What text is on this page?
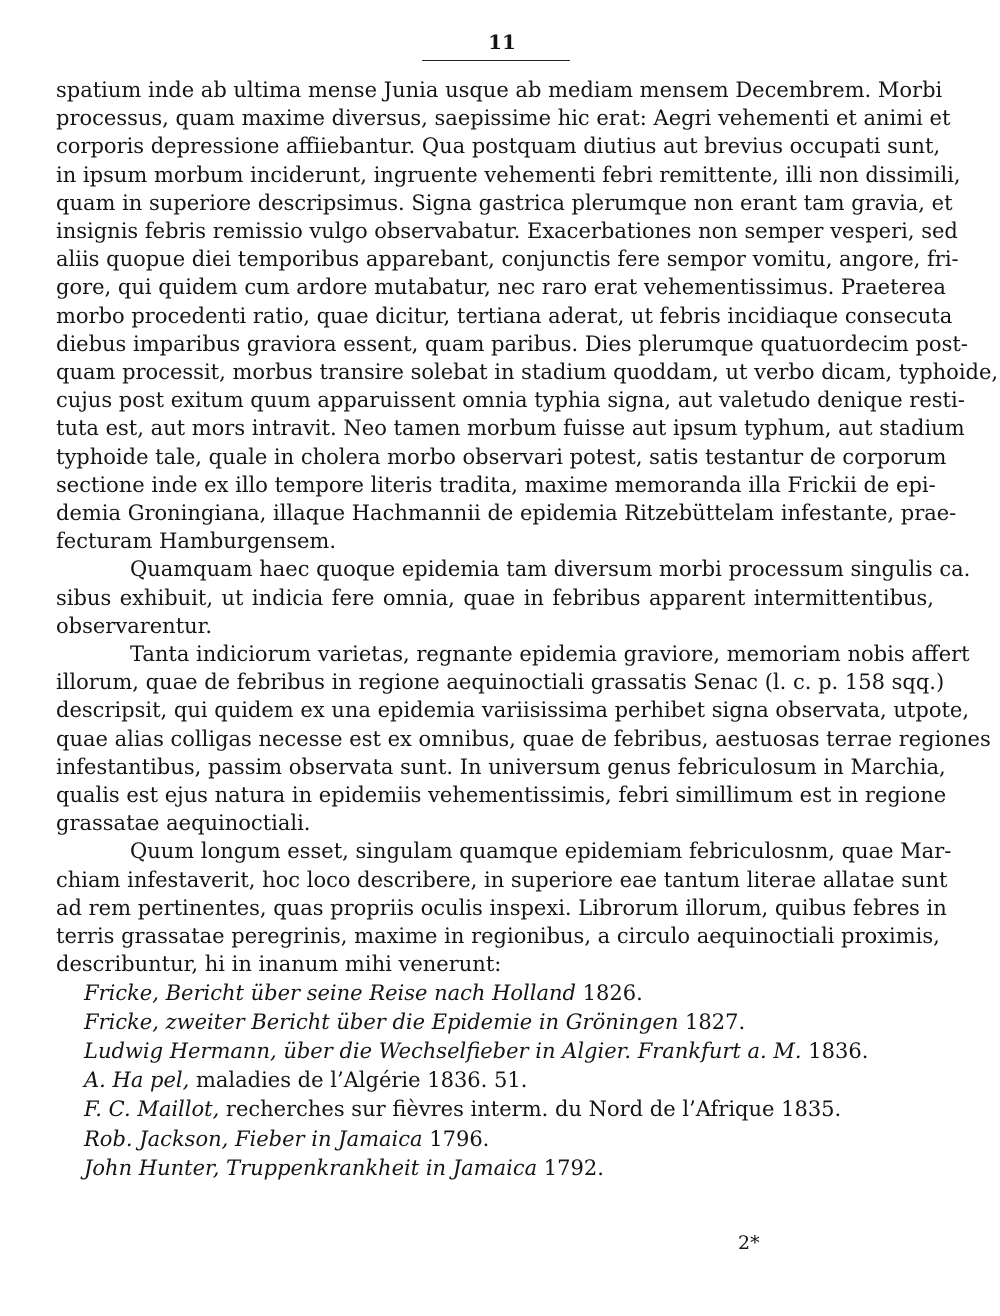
11

spatium inde ab ultima mense Junia usque ab mediam mensem Decembrem. Morbi
processus, quam maxime diversus, saepissime hic erat: Aegri vehementi et animi et
corporis depressione affiiebantur. Qua postquam diutius aut brevius occupati sunt,
in ipsum morbum inciderunt, ingruente vehementi febri remittente, illi non dissimili,
quam in superiore descripsimus. Signa gastrica plerumque non erant tam gravia, et
insignis febris remissio vulgo observabatur. Exacerbationes non semper vesperi, sed
aliis quopue diei temporibus apparebant, conjunctis fere sempor vomitu, angore, fri-
gore, qui quidem cum ardore mutabatur, nec raro erat vehementissimus. Praeterea
morbo procedenti ratio, quae dicitur, tertiana aderat, ut febris incidiaque consecuta
diebus imparibus graviora essent, quam paribus. Dies plerumque quatuordecim post-
quam processit, morbus transire solebat in stadium quoddam, ut verbo dicam, typhoide,
cujus post exitum quum apparuissent omnia typhia signa, aut valetudo denique resti-
tuta est, aut mors intravit. Neo tamen morbum fuisse aut ipsum typhum, aut stadium
typhoide tale, quale in cholera morbo observari potest, satis testantur de corporum
sectione inde ex illo tempore literis tradita, maxime memoranda illa Frickii de epi-
demia Groningiana, illaque Hachmannii de epidemia Ritzebüttelam infestante, prae-
fecturam Hamburgensem.

Quamquam haec quoque epidemia tam diversum morbi processum singulis ca.
sibus exhibuit, ut indicia fere omnia, quae in febribus apparent intermittentibus,
observarentur.

Tanta indiciorum varietas, regnante epidemia graviore, memoriam nobis affert
illorum, quae de febribus in regione aequinoctiali grassatis Senac (l. c. p. 158 sqq.)
descripsit, qui quidem ex una epidemia variisissima perhibet signa observata, utpote,
quae alias colligas necesse est ex omnibus, quae de febribus, aestuosas terrae regiones
infestantibus, passim observata sunt. In universum genus febriculosum in Marchia,
qualis est ejus natura in epidemiis vehementissimis, febri simillimum est in regione
grassatae aequinoctiali.

Quum longum esset, singulam quamque epidemiam febriculosnm, quae Mar-
chiam infestaverit, hoc loco describere, in superiore eae tantum literae allatae sunt
ad rem pertinentes, quas propriis oculis inspexi. Librorum illorum, quibus febres in
terris grassatae peregrinis, maxime in regionibus, a circulo aequinoctiali proximis,
describuntur, hi in inanum mihi venerunt:

Fricke, Bericht über seine Reise nach Holland 1826.
Fricke, zweiter Bericht über die Epidemie in Gröningen 1827.
Ludwig Hermann, über die Wechselfieber in Algier. Frankfurt a. M. 1836.
A. Ha pel, maladies de l’Algérie 1836. 51.
F. C. Maillot, recherches sur fièvres interm. du Nord de l’Afrique 1835.
Rob. Jackson, Fieber in Jamaica 1796.
John Hunter, Truppenkrankheit in Jamaica 1792.
2*
